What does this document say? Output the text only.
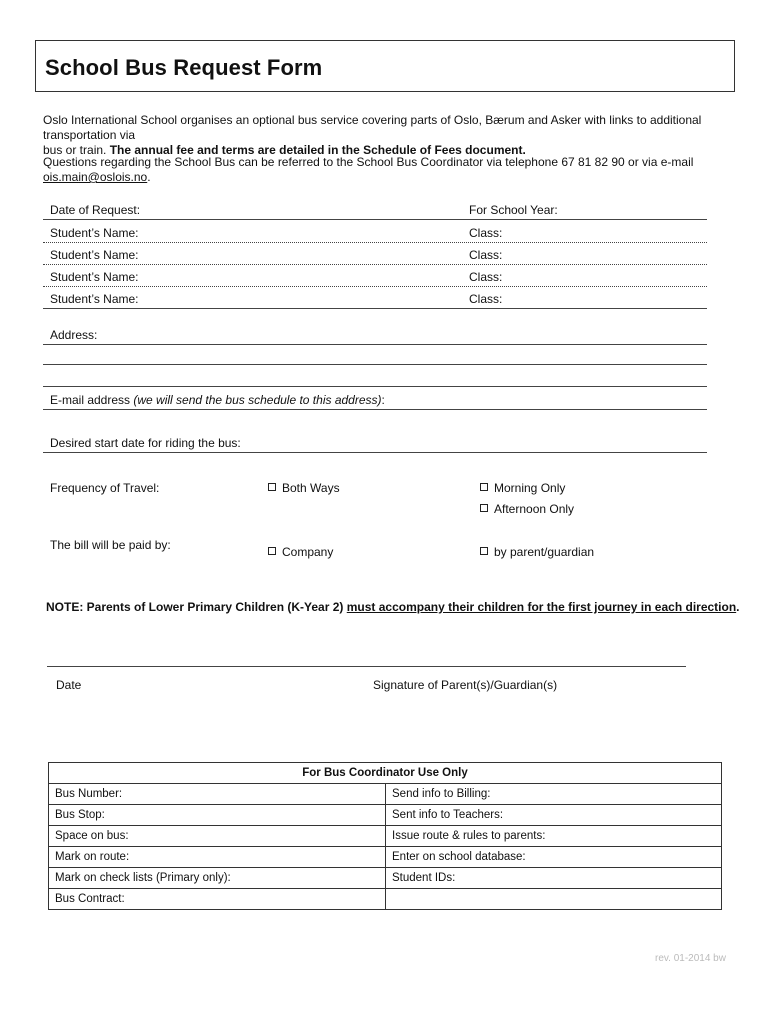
School Bus Request Form
Oslo International School organises an optional bus service covering parts of Oslo, Bærum and Asker with links to additional transportation via
bus or train. The annual fee and terms are detailed in the Schedule of Fees document.
Questions regarding the School Bus can be referred to the School Bus Coordinator via telephone 67 81 82 90 or via e-mail ois.main@oslois.no.
Date of Request:	For School Year:
Student’s Name:	Class:
Student’s Name:	Class:
Student’s Name:	Class:
Student’s Name:	Class:
Address:
E-mail address (we will send the bus schedule to this address):
Desired start date for riding the bus:
Frequency of Travel:	Both Ways	Morning Only
Afternoon Only
The bill will be paid by:	Company	by parent/guardian
NOTE: Parents of Lower Primary Children (K-Year 2) must accompany their children for the first journey in each direction.
Date	Signature of Parent(s)/Guardian(s)
For Bus Coordinator Use Only	
Bus Number:	Send info to Billing:
Bus Stop:	Sent info to Teachers:
Space on bus:	Issue route & rules to parents:
Mark on route:	Enter on school database:
Mark on check lists (Primary only):	Student IDs:
Bus Contract:	
rev. 01-2014 bw
